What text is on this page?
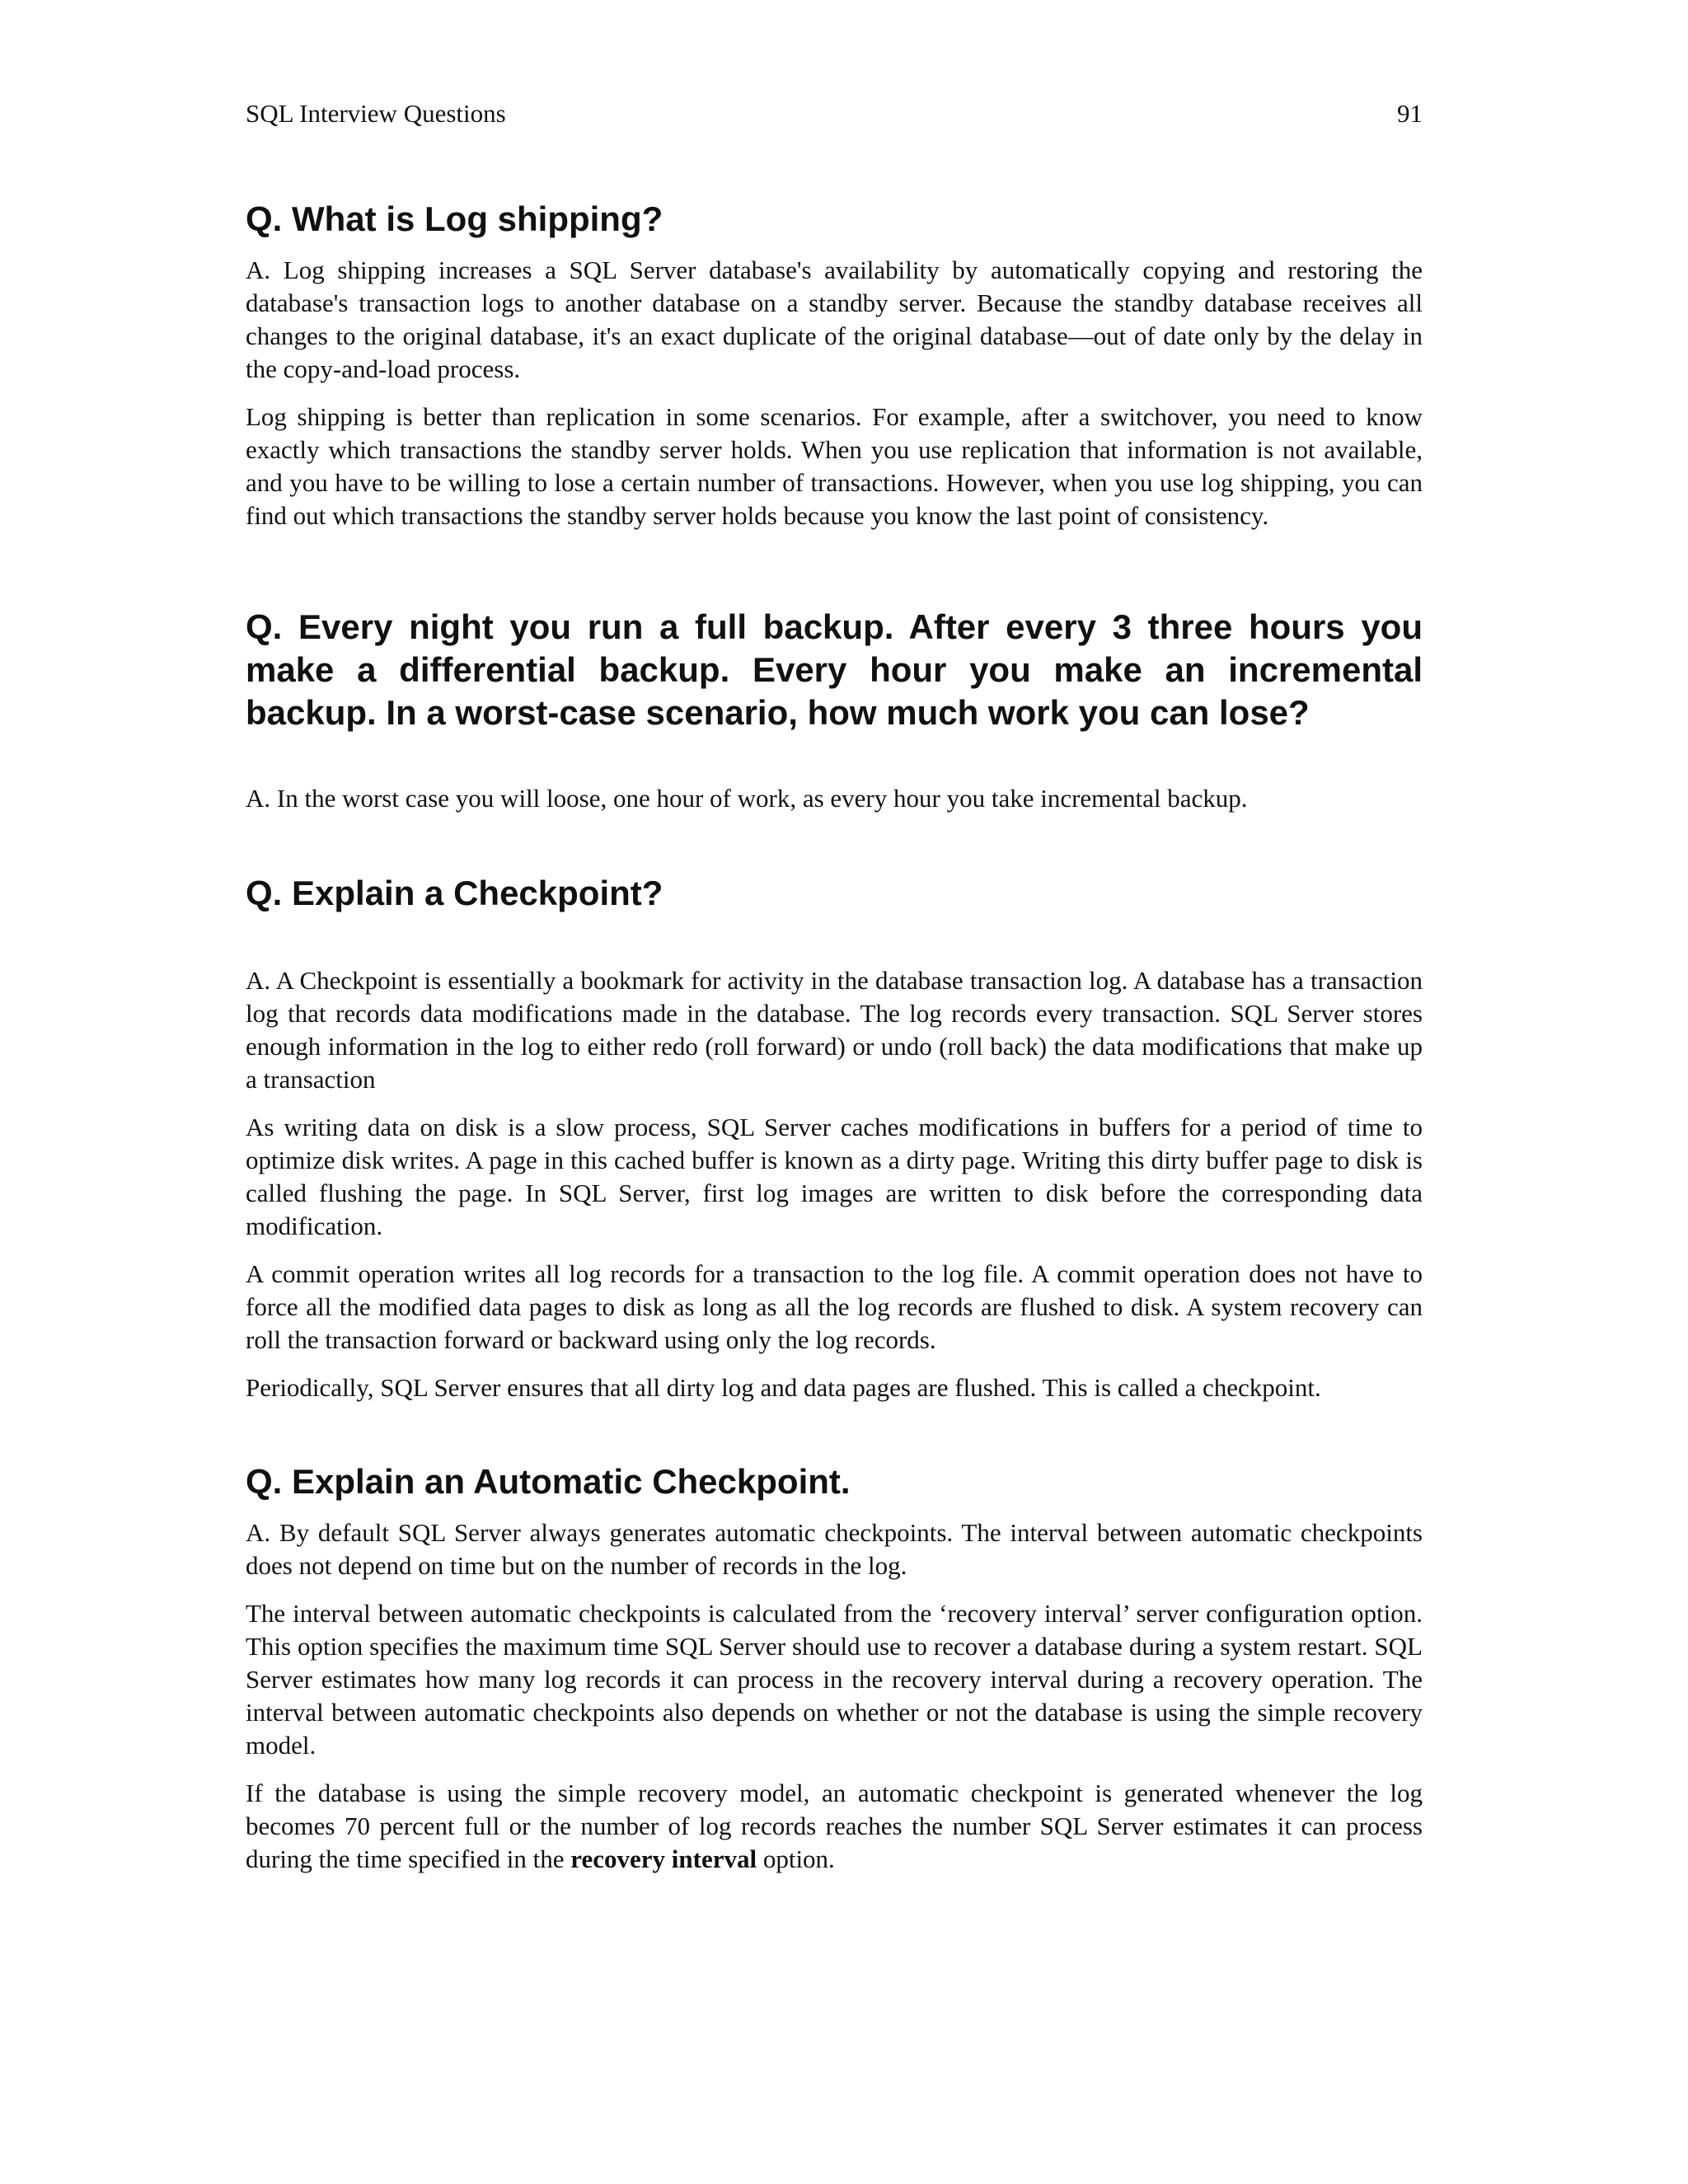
SQL Interview Questions	91
Q. What is Log shipping?

A. Log shipping increases a SQL Server database's availability by automatically copying and restoring the database's transaction logs to another database on a standby server. Because the standby database receives all changes to the original database, it's an exact duplicate of the original database—out of date only by the delay in the copy-and-load process.

Log shipping is better than replication in some scenarios. For example, after a switchover, you need to know exactly which transactions the standby server holds. When you use replication that information is not available, and you have to be willing to lose a certain number of transactions. However, when you use log shipping, you can find out which transactions the standby server holds because you know the last point of consistency.

Q. Every night you run a full backup. After every 3 three hours you make a differential backup. Every hour you make an incremental backup. In a worst-case scenario, how much work you can lose?

A. In the worst case you will loose, one hour of work, as every hour you take incremental backup.

Q. Explain a Checkpoint?

A. A Checkpoint is essentially a bookmark for activity in the database transaction log. A database has a transaction log that records data modifications made in the database. The log records every transaction. SQL Server stores enough information in the log to either redo (roll forward) or undo (roll back) the data modifications that make up a transaction

As writing data on disk is a slow process, SQL Server caches modifications in buffers for a period of time to optimize disk writes. A page in this cached buffer is known as a dirty page. Writing this dirty buffer page to disk is called flushing the page. In SQL Server, first log images are written to disk before the corresponding data modification.

A commit operation writes all log records for a transaction to the log file. A commit operation does not have to force all the modified data pages to disk as long as all the log records are flushed to disk. A system recovery can roll the transaction forward or backward using only the log records.

Periodically, SQL Server ensures that all dirty log and data pages are flushed. This is called a checkpoint.

Q. Explain an Automatic Checkpoint.

A. By default SQL Server always generates automatic checkpoints. The interval between automatic checkpoints does not depend on time but on the number of records in the log.

The interval between automatic checkpoints is calculated from the ‘recovery interval’ server configuration option. This option specifies the maximum time SQL Server should use to recover a database during a system restart. SQL Server estimates how many log records it can process in the recovery interval during a recovery operation. The interval between automatic checkpoints also depends on whether or not the database is using the simple recovery model.

If the database is using the simple recovery model, an automatic checkpoint is generated whenever the log becomes 70 percent full or the number of log records reaches the number SQL Server estimates it can process during the time specified in the recovery interval option.
